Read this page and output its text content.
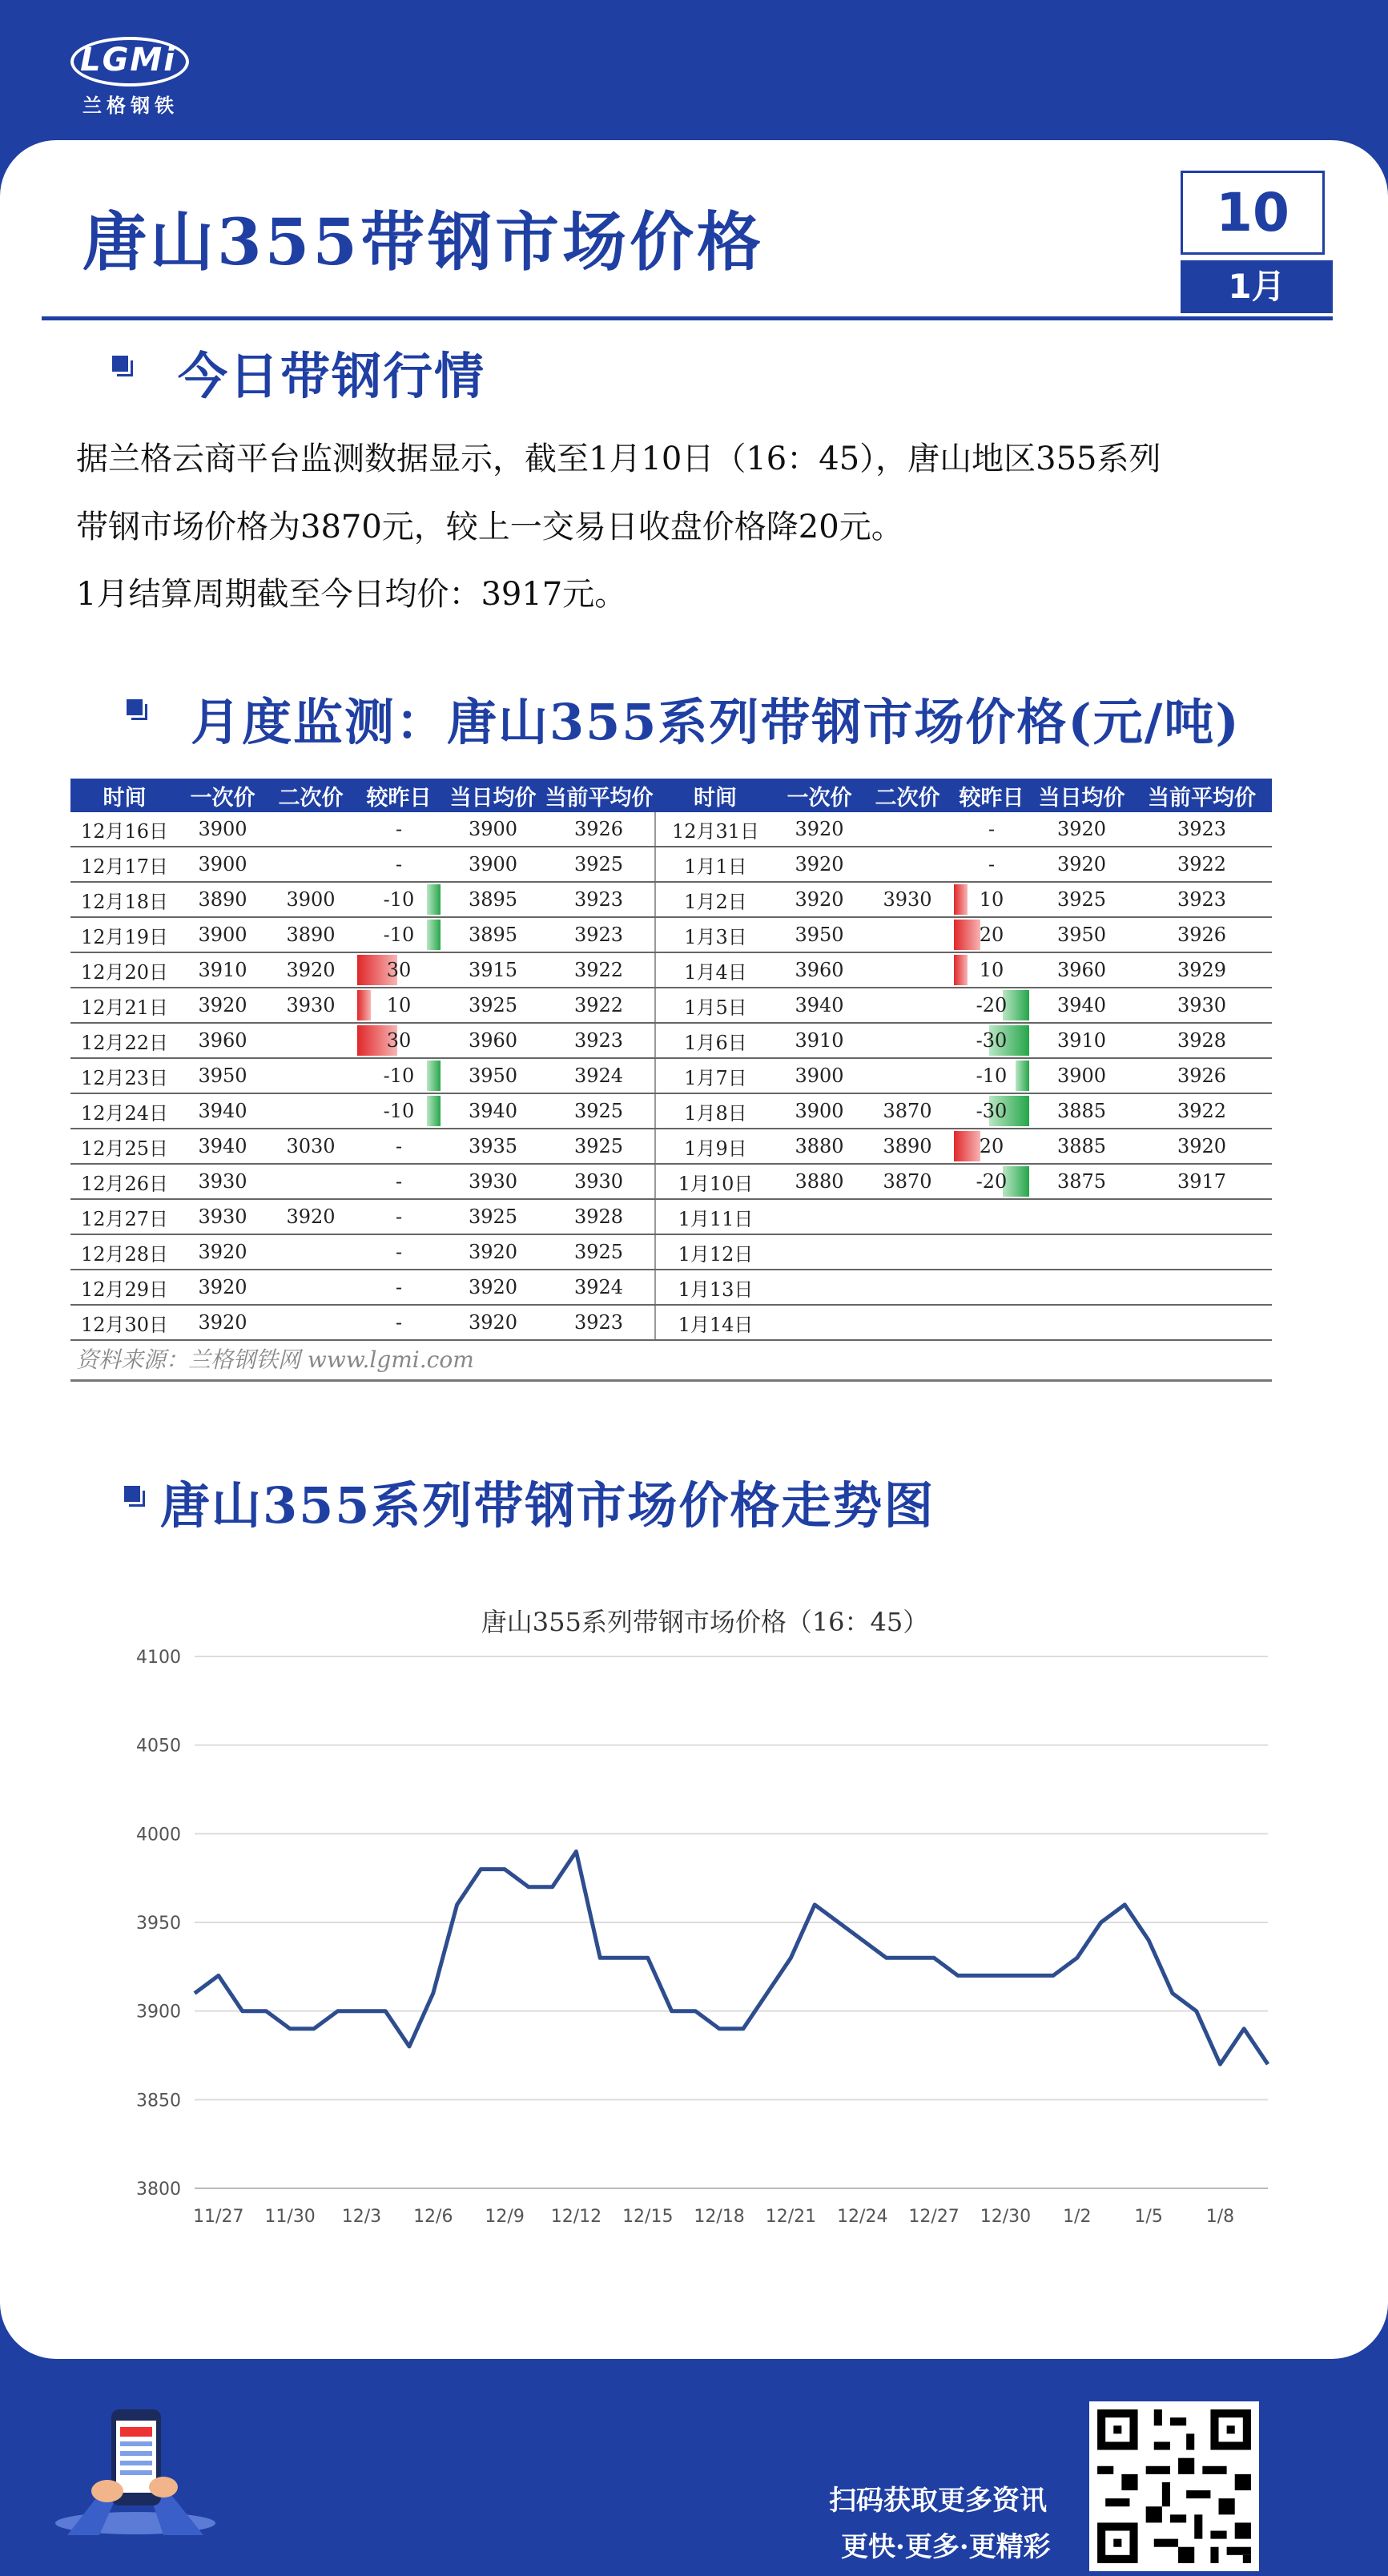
LGMi
兰格钢铁
唐山355带钢市场价格	10
1月
今日带钢行情
据兰格云商平台监测数据显示，截至1月10日（16：45），唐山地区355系列
带钢市场价格为3870元，较上一交易日收盘价格降20元。
1月结算周期截至今日均价：3917元。
月度监测：唐山355系列带钢市场价格(元/吨)
时间	一次价	二次价	较昨日	当日均价	当前平均价	时间	一次价	二次价	较昨日	当日均价	当前平均价
12月16日	3900		-	3900	3926	12月31日	3920		-	3920	3923
12月17日	3900		-	3900	3925	1月1日	3920		-	3920	3922
12月18日	3890	3900	-10	3895	3923	1月2日	3920	3930	10	3925	3923
12月19日	3900	3890	-10	3895	3923	1月3日	3950		20	3950	3926
12月20日	3910	3920	30	3915	3922	1月4日	3960		10	3960	3929
12月21日	3920	3930	10	3925	3922	1月5日	3940		-20	3940	3930
12月22日	3960		30	3960	3923	1月6日	3910		-30	3910	3928
12月23日	3950		-10	3950	3924	1月7日	3900		-10	3900	3926
12月24日	3940		-10	3940	3925	1月8日	3900	3870	-30	3885	3922
12月25日	3940	3030	-	3935	3925	1月9日	3880	3890	20	3885	3920
12月26日	3930		-	3930	3930	1月10日	3880	3870	-20	3875	3917
12月27日	3930	3920	-	3925	3928	1月11日					
12月28日	3920		-	3920	3925	1月12日					
12月29日	3920		-	3920	3924	1月13日					
12月30日	3920		-	3920	3923	1月14日					
资料来源：兰格钢铁网 www.lgmi.com
唐山355系列带钢市场价格走势图
唐山355系列带钢市场价格（16：45）
3800
3850
3900
3950
4000
4050
4100
11/27 11/30 12/3 12/6 12/9 12/12 12/15 12/18 12/21 12/24 12/27 12/30 1/2 1/5 1/8
扫码获取更多资讯
更快·更多·更精彩
